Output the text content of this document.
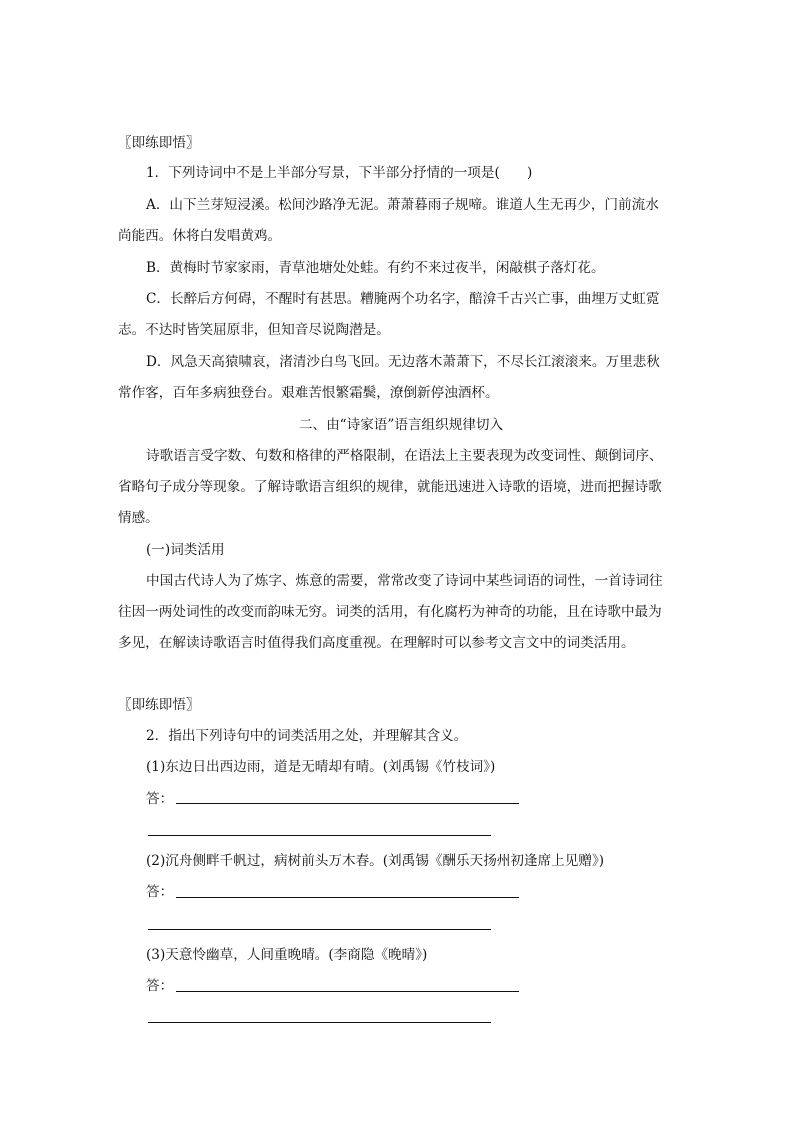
〖即练即悟〗
1．下列诗词中不是上半部分写景，下半部分抒情的一项是(　　)
A．山下兰芽短浸溪。松间沙路净无泥。萧萧暮雨子规啼。谁道人生无再少，门前流水
尚能西。休将白发唱黄鸡。
B．黄梅时节家家雨，青草池塘处处蛙。有约不来过夜半，闲敲棋子落灯花。
C．长醉后方何碍，不醒时有甚思。糟腌两个功名字，醅渰千古兴亡事，曲埋万丈虹霓
志。不达时皆笑屈原非，但知音尽说陶潜是。
D．风急天高猿啸哀，渚清沙白鸟飞回。无边落木萧萧下，不尽长江滚滚来。万里悲秋
常作客，百年多病独登台。艰难苦恨繁霜鬓，潦倒新停浊酒杯。
二、由“诗家语”语言组织规律切入
诗歌语言受字数、句数和格律的严格限制，在语法上主要表现为改变词性、颠倒词序、
省略句子成分等现象。了解诗歌语言组织的规律，就能迅速进入诗歌的语境，进而把握诗歌
情感。
(一)词类活用
中国古代诗人为了炼字、炼意的需要，常常改变了诗词中某些词语的词性，一首诗词往
往因一两处词性的改变而韵味无穷。词类的活用，有化腐朽为神奇的功能，且在诗歌中最为
多见，在解读诗歌语言时值得我们高度重视。在理解时可以参考文言文中的词类活用。
〖即练即悟〗
2．指出下列诗句中的词类活用之处，并理解其含义。
(1)东边日出西边雨，道是无晴却有晴。(刘禹锡《竹枝词》)
答：
(2)沉舟侧畔千帆过，病树前头万木春。(刘禹锡《酬乐天扬州初逢席上见赠》)
答：
(3)天意怜幽草，人间重晚晴。(李商隐《晚晴》)
答：
